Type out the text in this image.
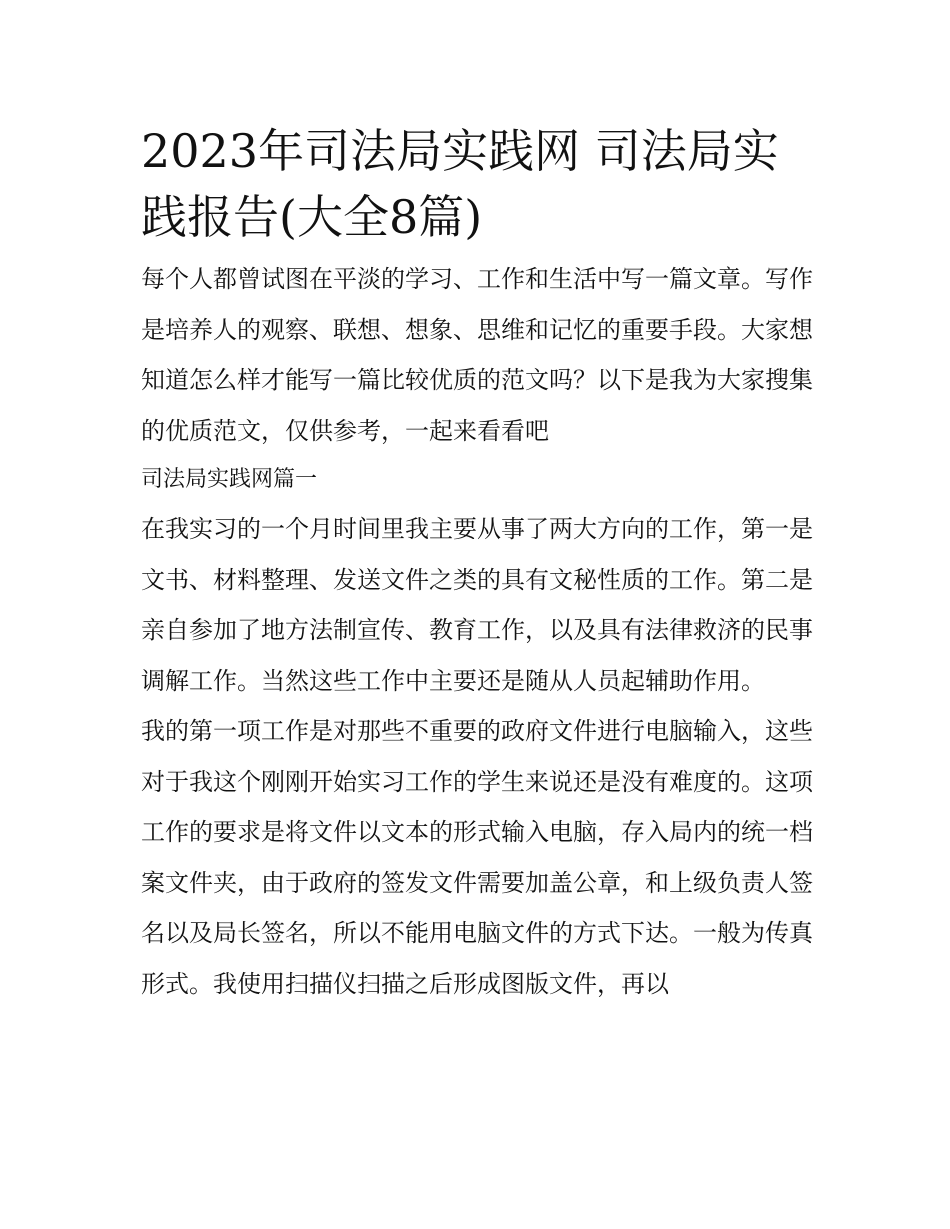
2023年司法局实践网 司法局实践报告(大全8篇)

每个人都曾试图在平淡的学习、工作和生活中写一篇文章。写作是培养人的观察、联想、想象、思维和记忆的重要手段。大家想知道怎么样才能写一篇比较优质的范文吗？以下是我为大家搜集的优质范文，仅供参考，一起来看看吧

司法局实践网篇一

在我实习的一个月时间里我主要从事了两大方向的工作，第一是文书、材料整理、发送文件之类的具有文秘性质的工作。第二是亲自参加了地方法制宣传、教育工作，以及具有法律救济的民事调解工作。当然这些工作中主要还是随从人员起辅助作用。

我的第一项工作是对那些不重要的政府文件进行电脑输入，这些对于我这个刚刚开始实习工作的学生来说还是没有难度的。这项工作的要求是将文件以文本的形式输入电脑，存入局内的统一档案文件夹，由于政府的签发文件需要加盖公章，和上级负责人签名以及局长签名，所以不能用电脑文件的方式下达。一般为传真形式。我使用扫描仪扫描之后形成图版文件，再以
